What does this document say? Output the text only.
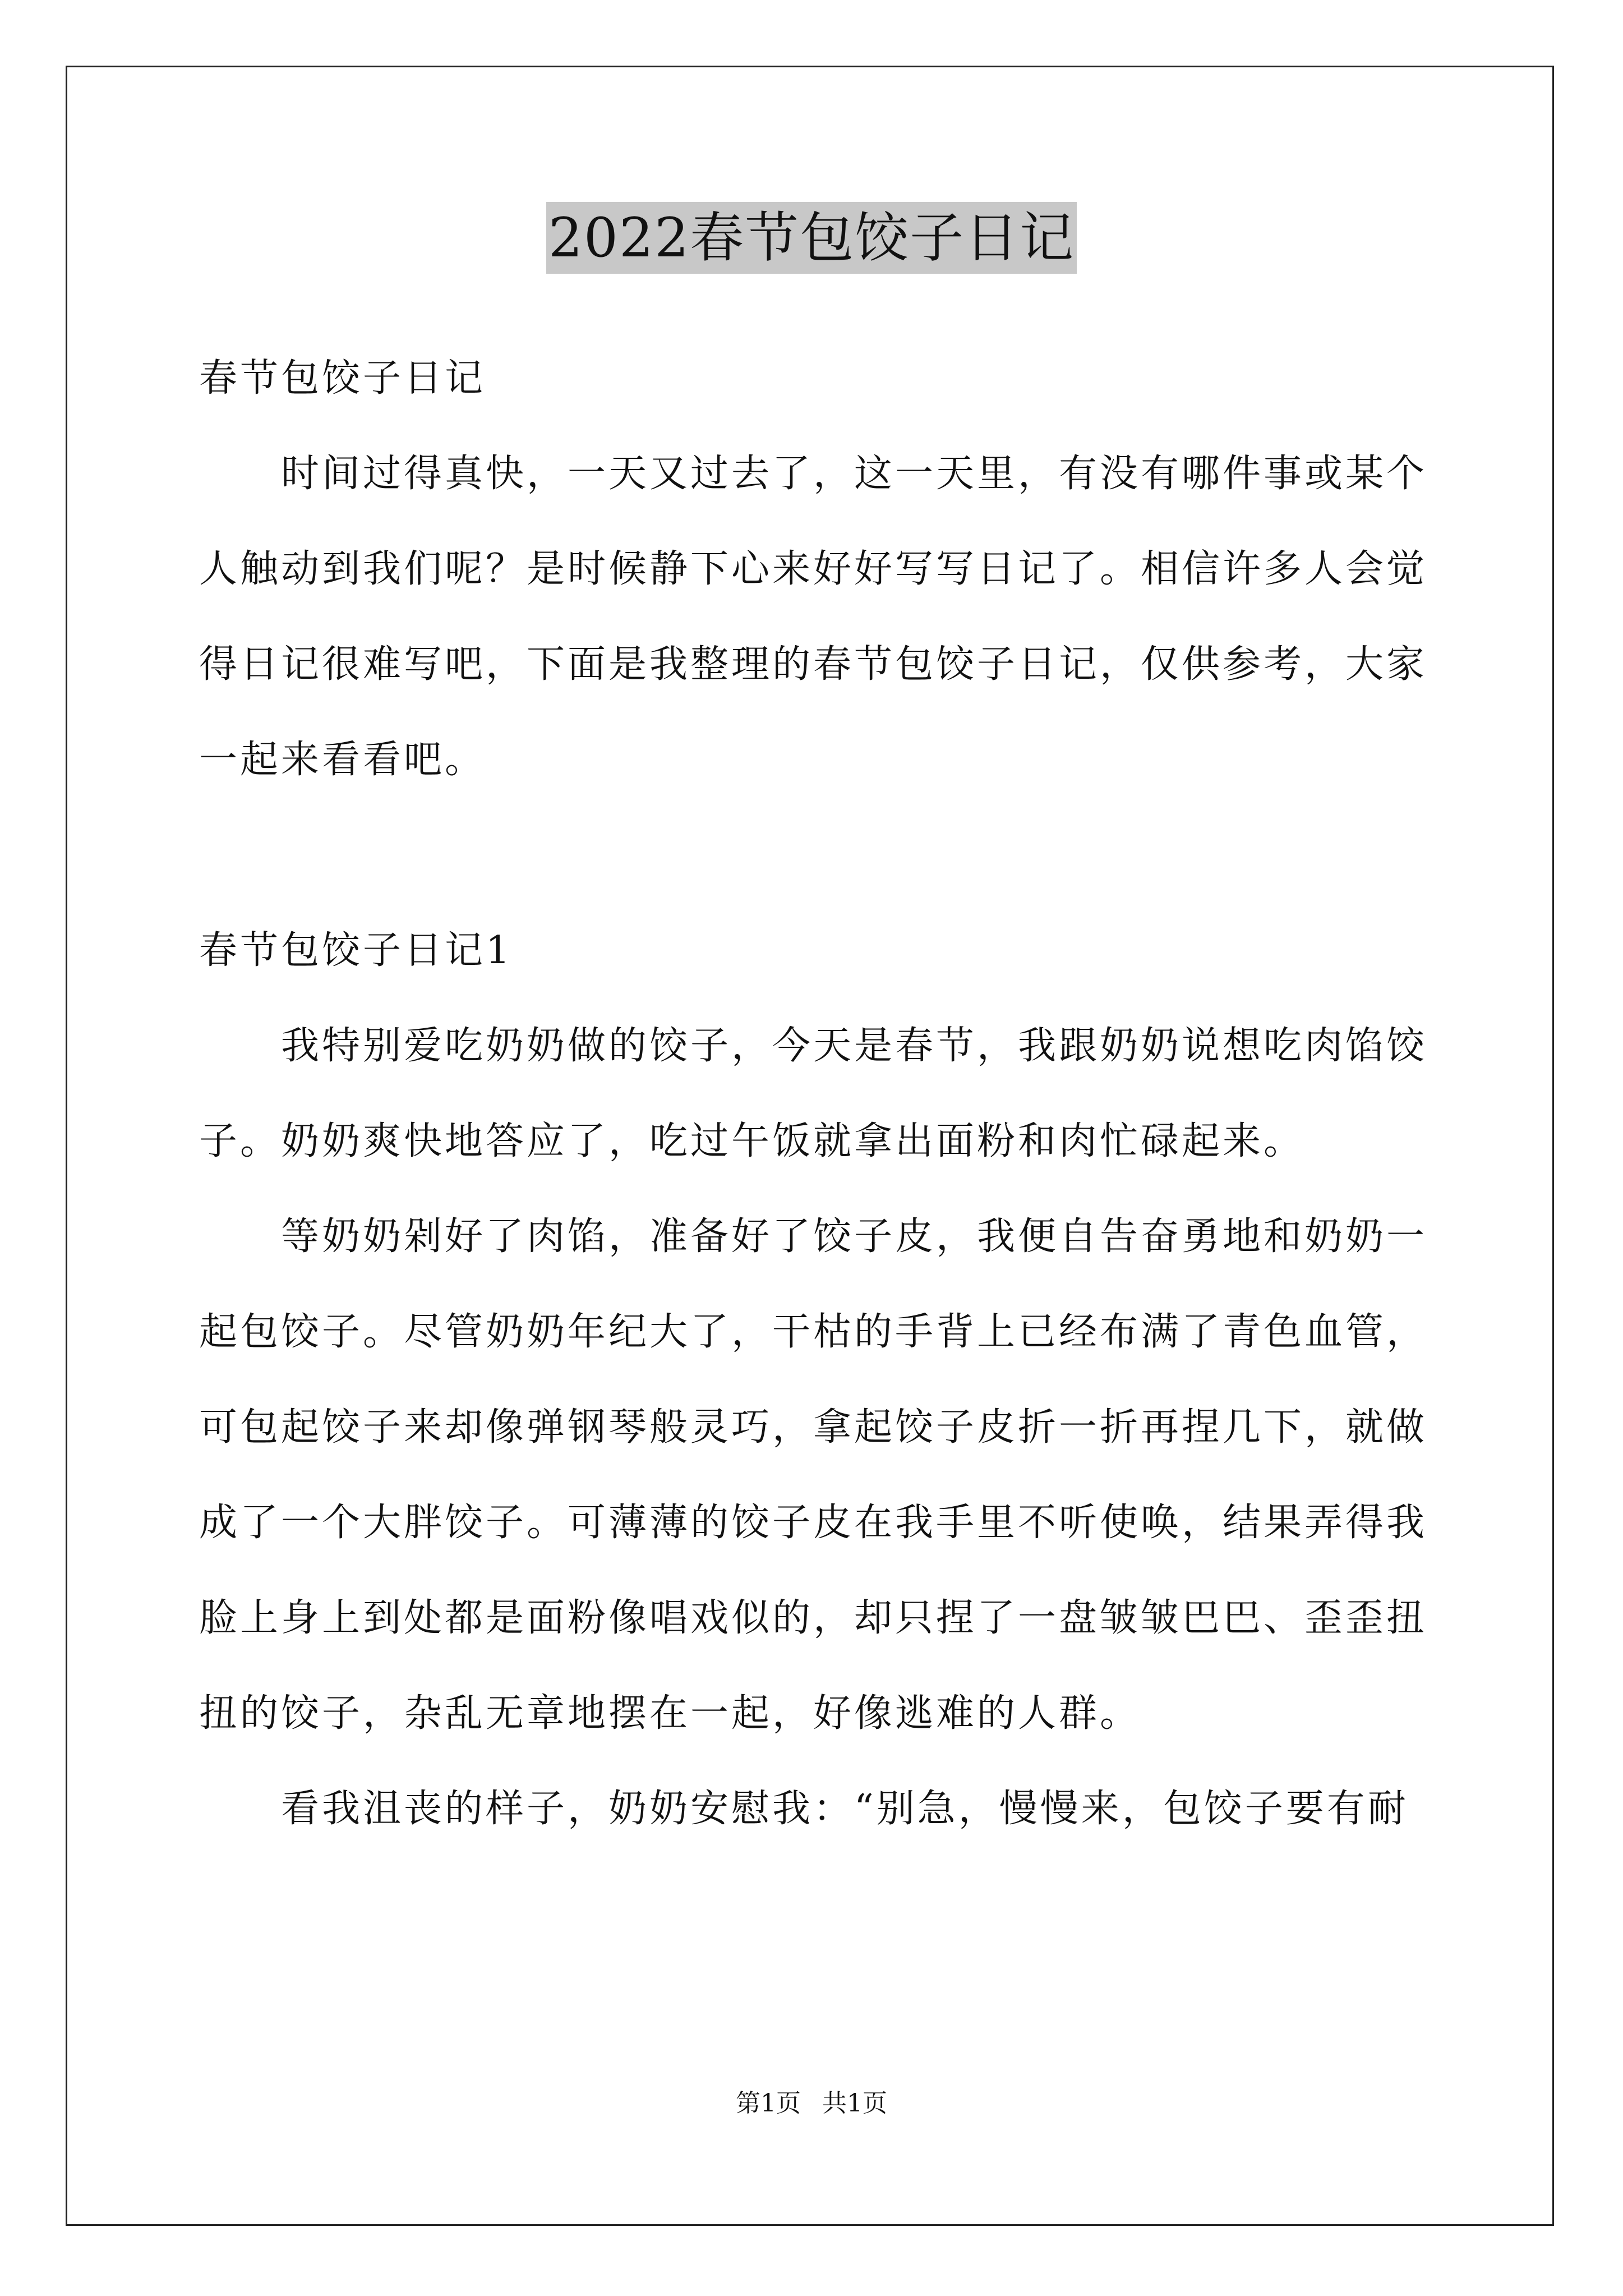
2022春节包饺子日记
春节包饺子日记
时间过得真快，一天又过去了，这一天里，有没有哪件事或某个
人触动到我们呢？是时候静下心来好好写写日记了。相信许多人会觉
得日记很难写吧，下面是我整理的春节包饺子日记，仅供参考，大家
一起来看看吧。
春节包饺子日记1
我特别爱吃奶奶做的饺子，今天是春节，我跟奶奶说想吃肉馅饺
子。奶奶爽快地答应了，吃过午饭就拿出面粉和肉忙碌起来。
等奶奶剁好了肉馅，准备好了饺子皮，我便自告奋勇地和奶奶一
起包饺子。尽管奶奶年纪大了，干枯的手背上已经布满了青色血管，
可包起饺子来却像弹钢琴般灵巧，拿起饺子皮折一折再捏几下，就做
成了一个大胖饺子。可薄薄的饺子皮在我手里不听使唤，结果弄得我
脸上身上到处都是面粉像唱戏似的，却只捏了一盘皱皱巴巴、歪歪扭
扭的饺子，杂乱无章地摆在一起，好像逃难的人群。
看我沮丧的样子，奶奶安慰我：“别急，慢慢来，包饺子要有耐
第1页 共1页
